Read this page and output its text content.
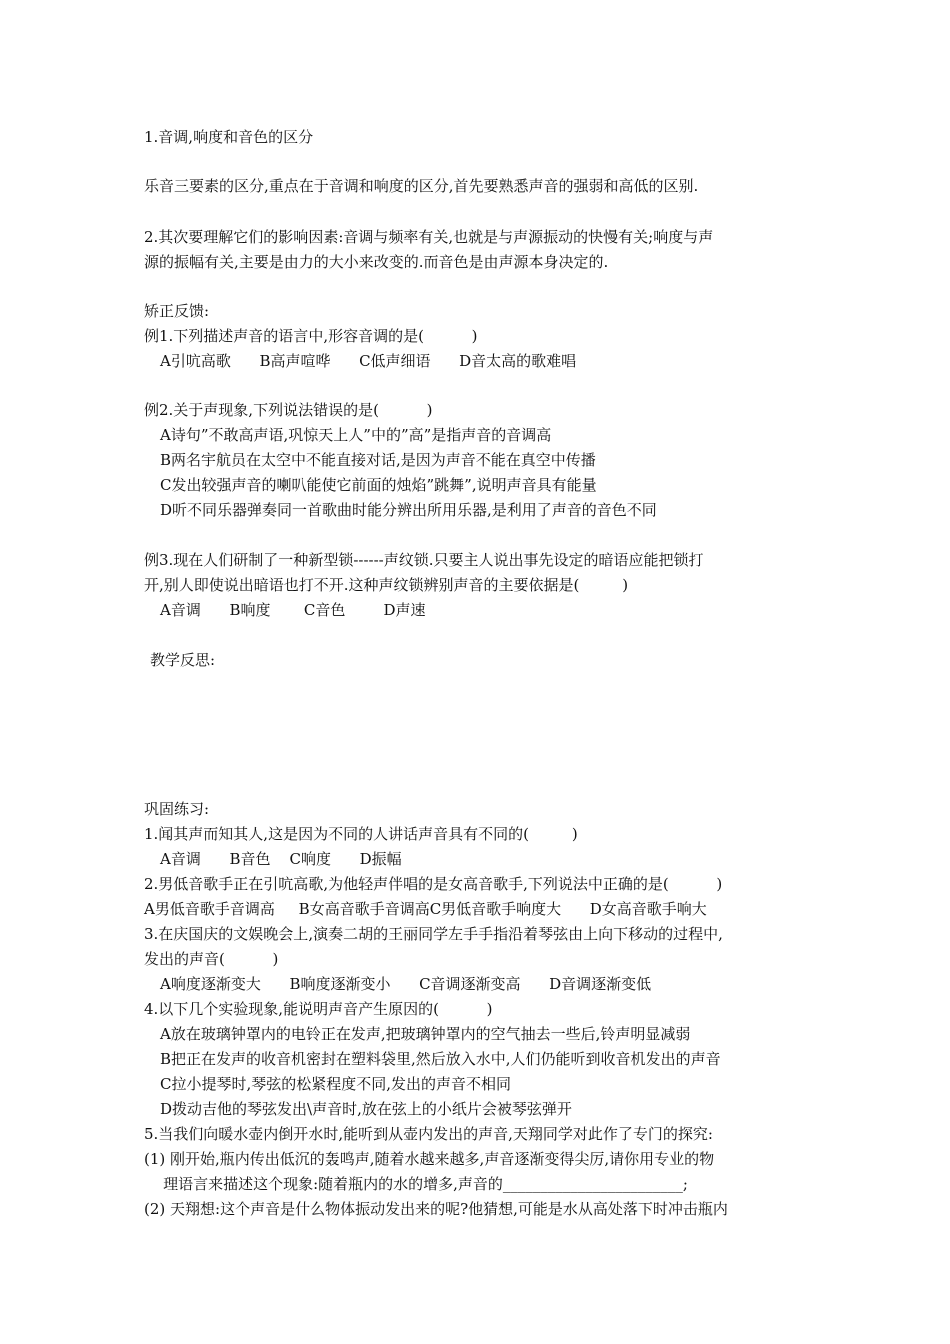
1.音调,响度和音色的区分
乐音三要素的区分,重点在于音调和响度的区分,首先要熟悉声音的强弱和高低的区别.
2.其次要理解它们的影响因素:音调与频率有关,也就是与声源振动的快慢有关;响度与声
源的振幅有关,主要是由力的大小来改变的.而音色是由声源本身决定的.
矫正反馈:
例1.下列描述声音的语言中,形容音调的是(          )
A引吭高歌      B高声喧哗      C低声细语      D音太高的歌难唱
例2.关于声现象,下列说法错误的是(          )
A诗句”不敢高声语,巩惊天上人”中的”高”是指声音的音调高
B两名宇航员在太空中不能直接对话,是因为声音不能在真空中传播
C发出较强声音的喇叭能使它前面的烛焰”跳舞”,说明声音具有能量
D听不同乐器弹奏同一首歌曲时能分辨出所用乐器,是利用了声音的音色不同
例3.现在人们研制了一种新型锁------声纹锁.只要主人说出事先设定的暗语应能把锁打
开,别人即使说出暗语也打不开.这种声纹锁辨别声音的主要依据是(         )
A音调      B响度       C音色        D声速
教学反思:
巩固练习:
1.闻其声而知其人,这是因为不同的人讲话声音具有不同的(         )
A音调      B音色    C响度      D振幅
2.男低音歌手正在引吭高歌,为他轻声伴唱的是女高音歌手,下列说法中正确的是(          )
A男低音歌手音调高     B女高音歌手音调高C男低音歌手响度大      D女高音歌手响大
3.在庆国庆的文娱晚会上,演奏二胡的王丽同学左手手指沿着琴弦由上向下移动的过程中,
发出的声音(          )
A响度逐渐变大      B响度逐渐变小      C音调逐渐变高      D音调逐渐变低
4.以下几个实验现象,能说明声音产生原因的(          )
A放在玻璃钟罩内的电铃正在发声,把玻璃钟罩内的空气抽去一些后,铃声明显减弱
B把正在发声的收音机密封在塑料袋里,然后放入水中,人们仍能听到收音机发出的声音
C拉小提琴时,琴弦的松紧程度不同,发出的声音不相同
D拨动吉他的琴弦发出\声音时,放在弦上的小纸片会被琴弦弹开
5.当我们向暖水壶内倒开水时,能听到从壶内发出的声音,天翔同学对此作了专门的探究:
(1) 刚开始,瓶内传出低沉的轰鸣声,随着水越来越多,声音逐渐变得尖厉,请你用专业的物
理语言来描述这个现象:随着瓶内的水的增多,声音的________________________;
(2) 天翔想:这个声音是什么物体振动发出来的呢?他猜想,可能是水从高处落下时冲击瓶内
